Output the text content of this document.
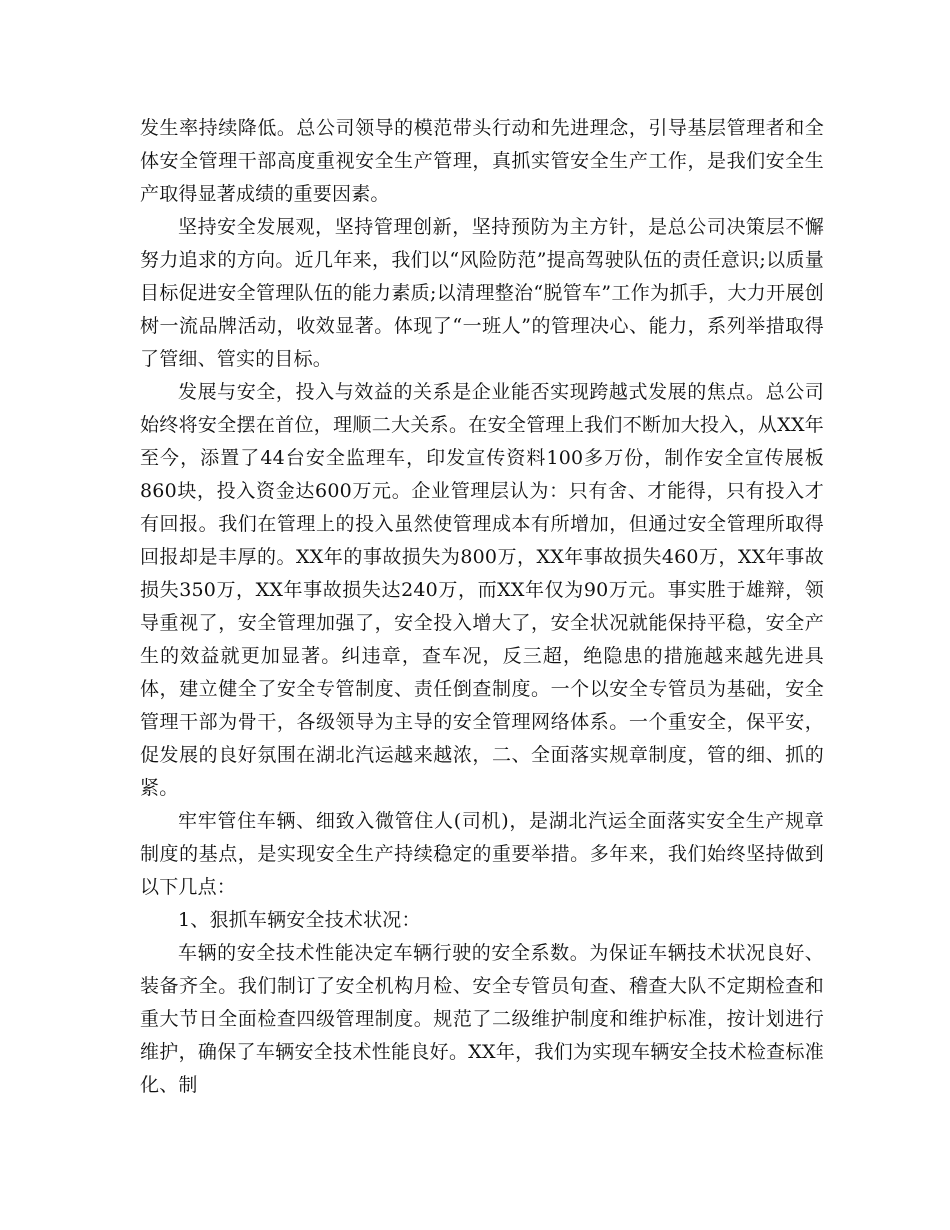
发生率持续降低。总公司领导的模范带头行动和先进理念，引导基层管理者和全体安全管理干部高度重视安全生产管理，真抓实管安全生产工作，是我们安全生产取得显著成绩的重要因素。

坚持安全发展观，坚持管理创新，坚持预防为主方针，是总公司决策层不懈努力追求的方向。近几年来，我们以“风险防范”提高驾驶队伍的责任意识;以质量目标促进安全管理队伍的能力素质;以清理整治“脱管车”工作为抓手，大力开展创树一流品牌活动，收效显著。体现了“一班人”的管理决心、能力，系列举措取得了管细、管实的目标。

发展与安全，投入与效益的关系是企业能否实现跨越式发展的焦点。总公司始终将安全摆在首位，理顺二大关系。在安全管理上我们不断加大投入，从XX年至今，添置了44台安全监理车，印发宣传资料100多万份，制作安全宣传展板860块，投入资金达600万元。企业管理层认为：只有舍、才能得，只有投入才有回报。我们在管理上的投入虽然使管理成本有所增加，但通过安全管理所取得回报却是丰厚的。XX年的事故损失为800万，XX年事故损失460万，XX年事故损失350万，XX年事故损失达240万，而XX年仅为90万元。事实胜于雄辩，领导重视了，安全管理加强了，安全投入增大了，安全状况就能保持平稳，安全产生的效益就更加显著。纠违章，查车况，反三超，绝隐患的措施越来越先进具体，建立健全了安全专管制度、责任倒查制度。一个以安全专管员为基础，安全管理干部为骨干，各级领导为主导的安全管理网络体系。一个重安全，保平安，促发展的良好氛围在湖北汽运越来越浓，二、全面落实规章制度，管的细、抓的紧。

牢牢管住车辆、细致入微管住人(司机)，是湖北汽运全面落实安全生产规章制度的基点，是实现安全生产持续稳定的重要举措。多年来，我们始终坚持做到以下几点：

1、狠抓车辆安全技术状况：

车辆的安全技术性能决定车辆行驶的安全系数。为保证车辆技术状况良好、装备齐全。我们制订了安全机构月检、安全专管员旬查、稽查大队不定期检查和重大节日全面检查四级管理制度。规范了二级维护制度和维护标准，按计划进行维护，确保了车辆安全技术性能良好。XX年，我们为实现车辆安全技术检查标准化、制
